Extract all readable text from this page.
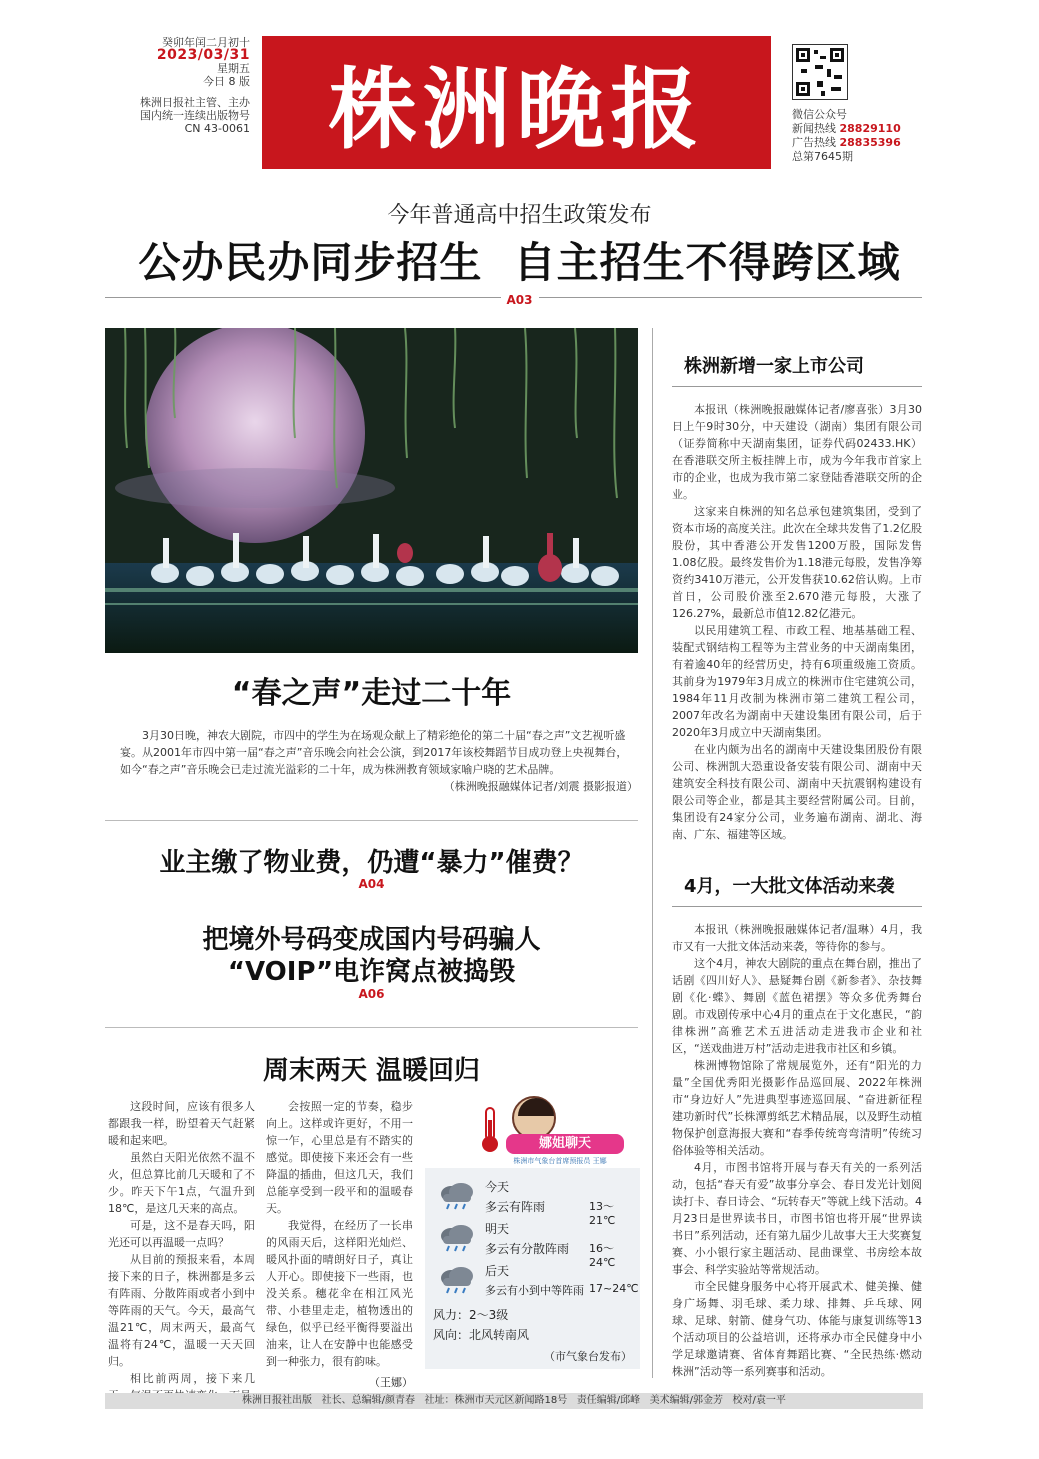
癸卯年闰二月初十
2023/03/31
星期五
今日 8 版
株洲日报社主管、主办
国内统一连续出版物号
CN 43-0061 株洲晚报	微信公众号
新闻热线 28829110
广告热线 28835396
总第7645期
今年普通高中招生政策发布
公办民办同步招生  自主招生不得跨区域
A03
“春之声”走过二十年
3月30日晚，神农大剧院，市四中的学生为在场观众献上了精彩绝伦的第二十届“春之声”文艺视听盛宴。从2001年市四中第一届“春之声”音乐晚会向社会公演，到2017年该校舞蹈节目成功登上央视舞台，如今“春之声”音乐晚会已走过流光溢彩的二十年，成为株洲教育领域家喻户晓的艺术品牌。
（株洲晚报融媒体记者/刘震 摄影报道）
业主缴了物业费，仍遭“暴力”催费？
A04
把境外号码变成国内号码骗人
“VOIP”电诈窝点被捣毁
A06
周末两天 温暖回归

这段时间，应该有很多人都跟我一样，盼望着天气赶紧暖和起来吧。

虽然白天阳光依然不温不火，但总算比前几天暖和了不少。昨天下午1点，气温升到18℃，是这几天来的高点。

可是，这不是春天吗，阳光还可以再温暖一点吗？

从目前的预报来看，本周接下来的日子，株洲都是多云有阵雨、分散阵雨或者小到中等阵雨的天气。今天，最高气温21℃，周末两天，最高气温将有24℃，温暖一天天回归。

相比前两周，接下来几

会按照一定的节奏，稳步向上。这样或许更好，不用一惊一乍，心里总是有不踏实的感觉。即使接下来还会有一些降温的插曲，但这几天，我们总能享受到一段平和的温暖春天。

我觉得，在经历了一长串的风雨天后，这样阳光灿烂、暖风扑面的晴朗好日子，真让人开心。即使接下一些雨，也没关系。穗花伞在相江风光带、小巷里走走，植物透出的绿色，似乎已经平衡得要溢出油来，让人在安静中也能感受到一种张力，很有韵味。

（王娜）
娜姐聊天
株洲市气象台首席预报员 王娜
今天
多云有阵雨	13～21℃
明天
多云有分散阵雨 16～24℃
后天
多云有小到中等阵雨 17~24℃
风力：2～3级
风向：北风转南风
（市气象台发布）
株洲新增一家上市公司

本报讯（株洲晚报融媒体记者/廖喜张）3月30日上午9时30分，中天建设（湖南）集团有限公司（证券简称中天湖南集团，证券代码02433.HK）在香港联交所主板挂牌上市，成为今年我市首家上市的企业，也成为我市第二家登陆香港联交所的企业。

这家来自株洲的知名总承包建筑集团，受到了资本市场的高度关注。此次在全球共发售了1.2亿股股份，其中香港公开发售1200万股，国际发售1.08亿股。最终发售价为1.18港元每股，发售净筹资约3410万港元，公开发售获10.62倍认购。上市首日，公司股价涨至2.670港元每股，大涨了126.27%，最新总市值12.82亿港元。

以民用建筑工程、市政工程、地基基础工程、装配式钢结构工程等为主营业务的中天湖南集团，有着逾40年的经营历史，持有6项重级施工资质。其前身为1979年3月成立的株洲市住宅建筑公司，1984年11月改制为株洲市第二建筑工程公司，2007年改名为湖南中天建设集团有限公司，后于2020年3月成立中天湖南集团。

在业内颇为出名的湖南中天建设集团股份有限公司、株洲凯大恐重设备安装有限公司、湖南中天建筑安全科技有限公司、湖南中天抗震钢构建设有限公司等企业，都是其主要经营附属公司。目前，集团设有24家分公司，业务遍布湖南、湖北、海南、广东、福建等区域。

4月，一大批文体活动来袭

本报讯（株洲晚报融媒体记者/温琳）4月，我市又有一大批文体活动来袭，等待你的参与。

这个4月，神农大剧院的重点在舞台剧，推出了话剧《四川好人》、悬疑舞台剧《新参者》、杂技舞剧《化·蝶》、舞剧《蓝色裙摆》等众多优秀舞台剧。市戏剧传承中心4月的重点在于文化惠民，“韵律株洲”高雅艺术五进活动走进我市企业和社区，“送戏曲进万村”活动走进我市社区和乡镇。

株洲博物馆除了常规展览外，还有“阳光的力量”全国优秀阳光摄影作品巡回展、2022年株洲市“身边好人”先进典型事迹巡回展、“奋进新征程 建功新时代”长株潭剪纸艺术精品展，以及野生动植物保护创意海报大赛和“春季传统弯弯清明”传统习俗体验等相关活动。

4月，市图书馆将开展与春天有关的一系列活动，包括“春天有爱”故事分享会、春日发光计划阅读打卡、春日诗会、“玩转春天”等就上线下活动。4月23日是世界读书日，市图书馆也将开展“世界读书日”系列活动，还有第九届少儿故事大王大奖赛复赛、小小银行家主题活动、昆曲课堂、书房绘本故事会、科学实验站等常规活动。

市全民健身服务中心将开展武术、健美操、健身广场舞、羽毛球、柔力球、排舞、乒乓球、网球、足球、射箭、健身气功、体能与康复训练等13个活动项目的公益培训，还将承办市全民健身中小学足球邀请赛、省体育舞蹈比赛、“全民热练·燃动株洲”活动等一系列赛事和活动。

株洲日报社出版   社长、总编辑/颜青春   社址：株洲市天元区新闻路18号   责任编辑/邱峰   美术编辑/郭金芳   校对/袁一平
